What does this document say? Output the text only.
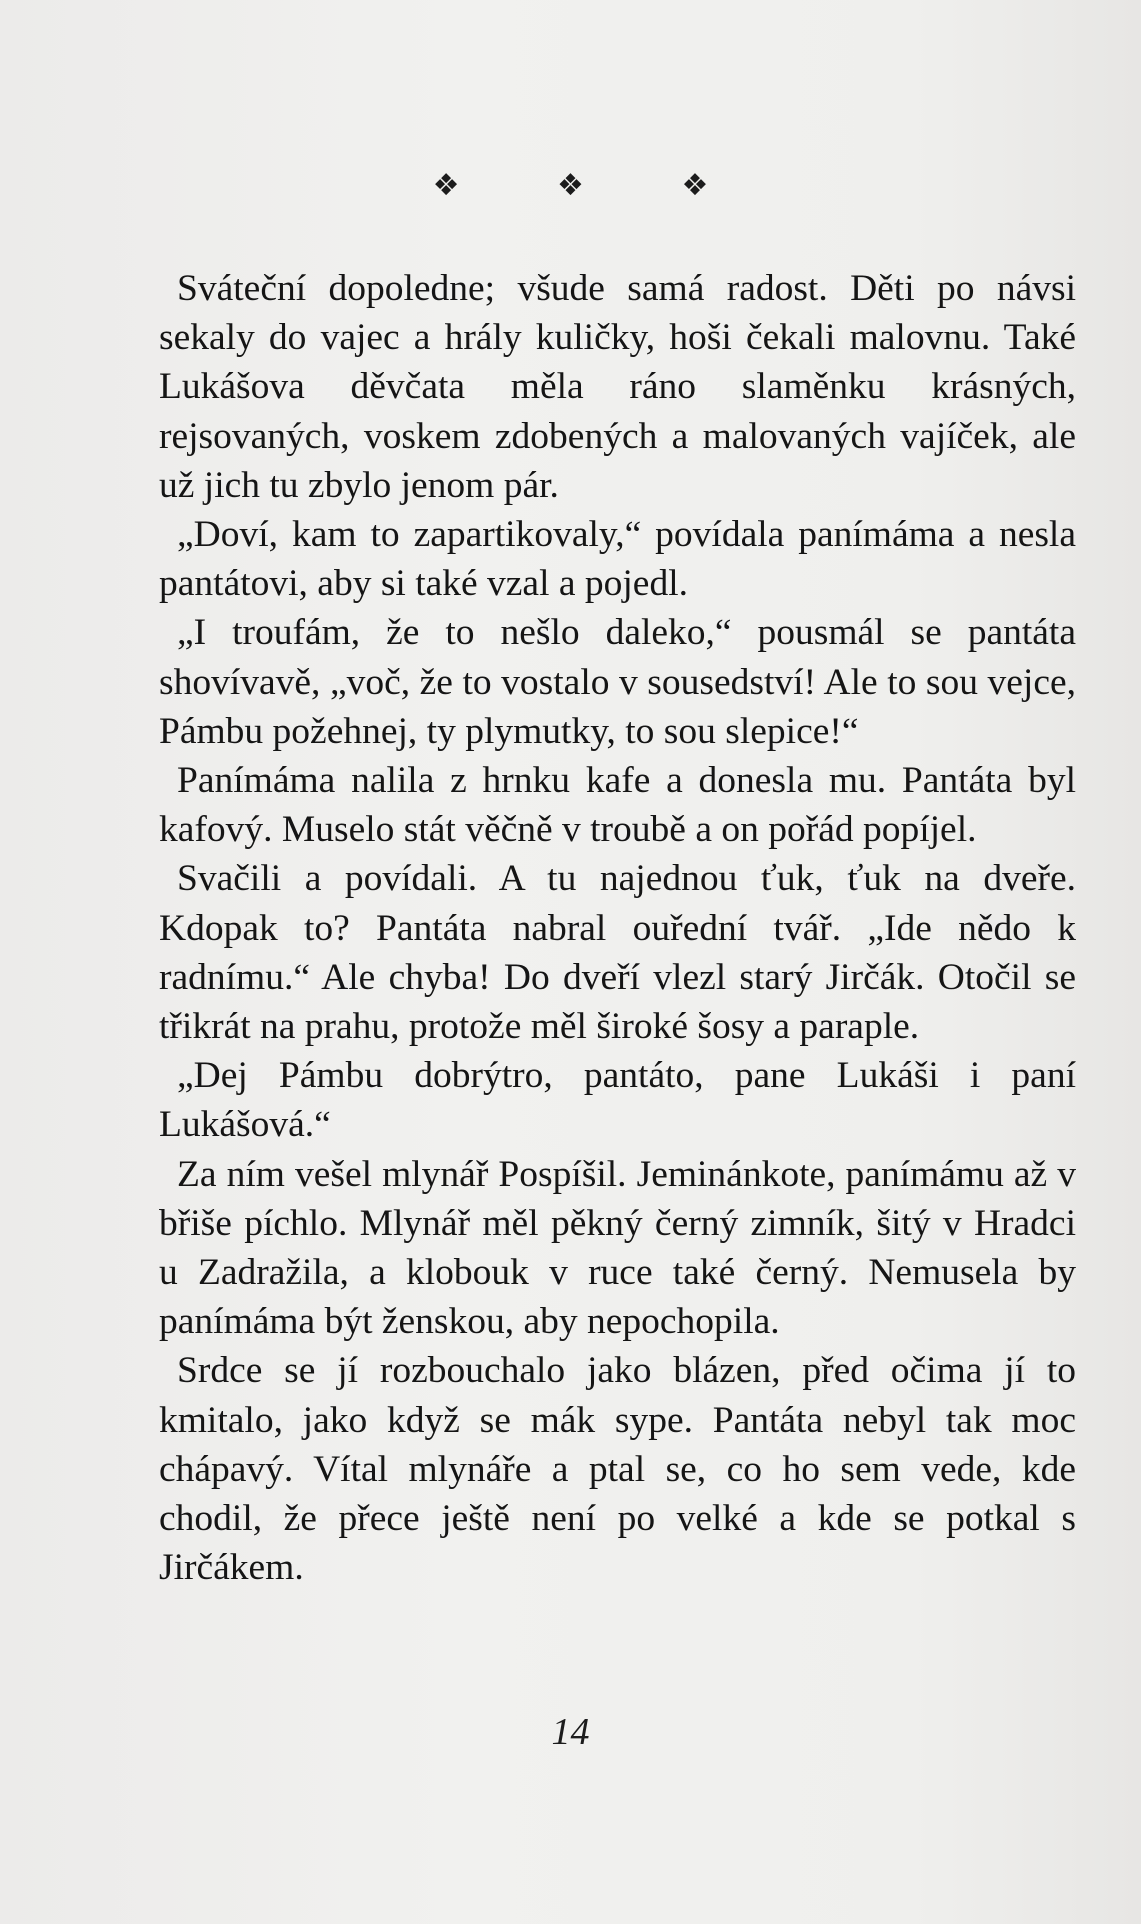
❖ ❖ ❖

Sváteční dopoledne; všude samá radost. Děti po návsi sekaly do vajec a hrály kuličky, hoši čekali malovnu. Také Lukášova děvčata měla ráno slaměnku krásných, rejsovaných, voskem zdobených a malovaných vajíček, ale už jich tu zbylo jenom pár.

„Doví, kam to zapartikovaly,“ povídala panímáma a nesla pantátovi, aby si také vzal a pojedl.

„I troufám, že to nešlo daleko,“ pousmál se pantáta shovívavě, „voč, že to vostalo v sousedství! Ale to sou vejce, Pámbu požehnej, ty plymutky, to sou slepice!“

Panímáma nalila z hrnku kafe a donesla mu. Pantáta byl kafový. Muselo stát věčně v troubě a on pořád popíjel.

Svačili a povídali. A tu najednou ťuk, ťuk na dveře. Kdopak to? Pantáta nabral ouřední tvář. „Ide nědo k radnímu.“ Ale chyba! Do dveří vlezl starý Jirčák. Otočil se třikrát na prahu, protože měl široké šosy a paraple.

„Dej Pámbu dobrýtro, pantáto, pane Lukáši i paní Lukášová.“

Za ním vešel mlynář Pospíšil. Jeminánkote, panímámu až v břiše píchlo. Mlynář měl pěkný černý zimník, šitý v Hradci u Zadražila, a klobouk v ruce také černý. Nemusela by panímáma být ženskou, aby nepochopila.

Srdce se jí rozbouchalo jako blázen, před očima jí to kmitalo, jako když se mák sype. Pantáta nebyl tak moc chápavý. Vítal mlynáře a ptal se, co ho sem vede, kde chodil, že přece ještě není po velké a kde se potkal s Jirčákem.

14
